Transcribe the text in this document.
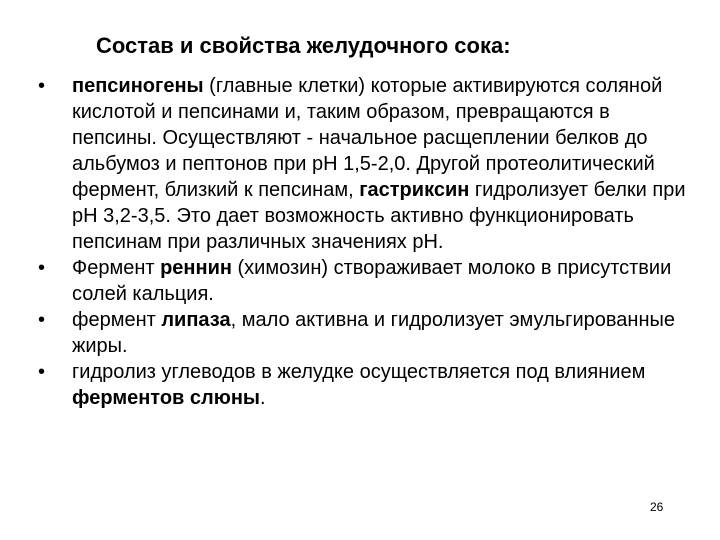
Состав и свойства желудочного сока:
• пепсиногены (главные клетки) которые активируются соляной кислотой и пепсинами и, таким образом, превращаются в пепсины. Осуществляют - начальное расщеплении белков до альбумоз и пептонов при pH 1,5-2,0. Другой протеолитический фермент, близкий к пепсинам, гастриксин гидролизует белки при pH 3,2-3,5. Это дает возможность активно функционировать пепсинам при различных значениях pH.
• Фермент реннин (химозин) створаживает молоко в присутствии солей кальция.
• фермент липаза, мало активна и гидролизует эмульгированные жиры.
• гидролиз углеводов в желудке осуществляется под влиянием ферментов слюны.
26
